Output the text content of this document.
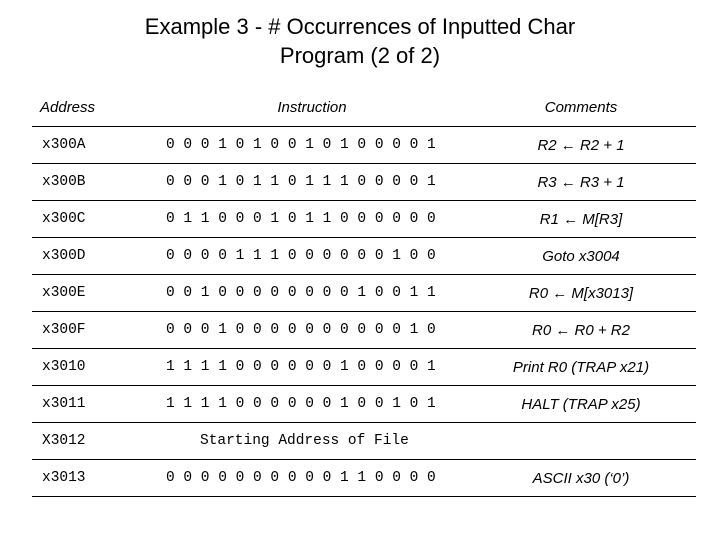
Example 3 - # Occurrences of Inputted Char
Program (2 of 2)
Address	Instruction	Comments
x300A	0 0 0 1 0 1 0 0 1 0 1 0 0 0 0 1	R2 ← R2 + 1
x300B	0 0 0 1 0 1 1 0 1 1 1 0 0 0 0 1	R3 ← R3 + 1
x300C	0 1 1 0 0 0 1 0 1 1 0 0 0 0 0 0	R1 ← M[R3]
x300D	0 0 0 0 1 1 1 0 0 0 0 0 0 1 0 0	Goto x3004
x300E	0 0 1 0 0 0 0 0 0 0 0 1 0 0 1 1	R0 ← M[x3013]
x300F	0 0 0 1 0 0 0 0 0 0 0 0 0 0 1 0	R0 ← R0 + R2
x3010	1 1 1 1 0 0 0 0 0 0 1 0 0 0 0 1	Print R0 (TRAP x21)
x3011	1 1 1 1 0 0 0 0 0 0 1 0 0 1 0 1	HALT (TRAP x25)
X3012	Starting Address of File	
x3013	0 0 0 0 0 0 0 0 0 0 1 1 0 0 0 0	ASCII x30 (‘0’)
